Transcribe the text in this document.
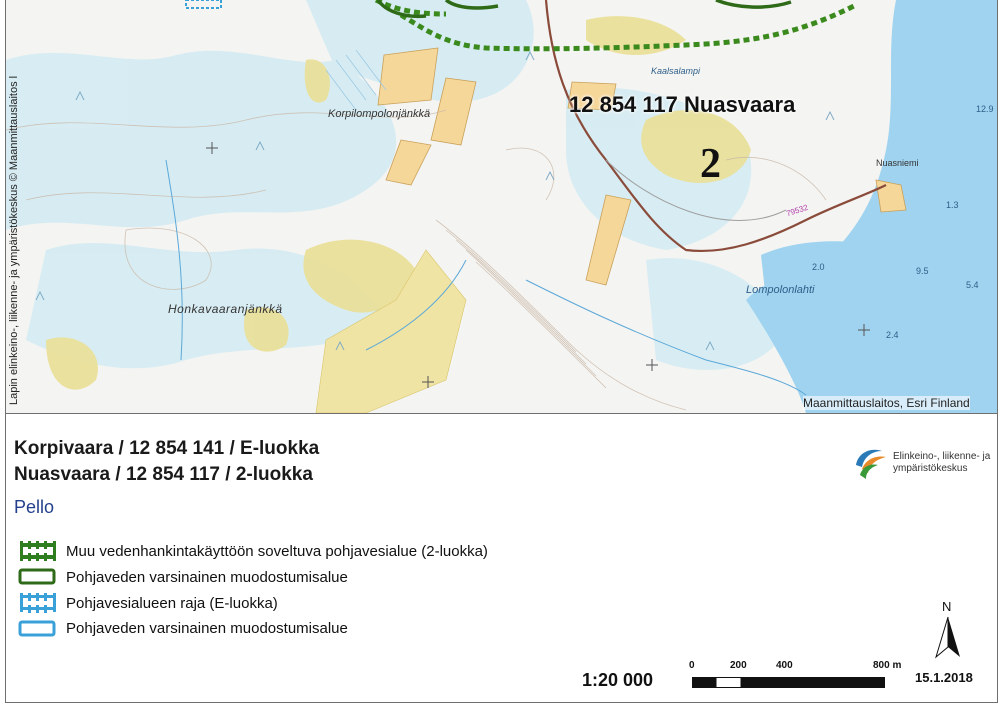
12 854 117 Nuasvaara
2
Korpilompolonjänkkä
Honkavaaranjänkkä
Lompolonlahti
Nuasniemi
Kaalsalampi
79532
12.9
2.0	9.5
5.4
1.3
2.4
Maanmittauslaitos, Esri Finland
Lapin elinkeino-, liikenne- ja ympäristökeskus © Maanmittauslaitos l
Korpivaara / 12 854 141 / E-luokka
Nuasvaara / 12 854 117 / 2-luokka
Pello
Elinkeino-, liikenne- ja
ympäristökeskus
Muu vedenhankintakäyttöön soveltuva pohjavesialue (2-luokka)
Pohjaveden varsinainen muodostumisalue
Pohjavesialueen raja (E-luokka)
Pohjaveden varsinainen muodostumisalue
1:20 000
0	200	400	800 m
N
15.1.2018
